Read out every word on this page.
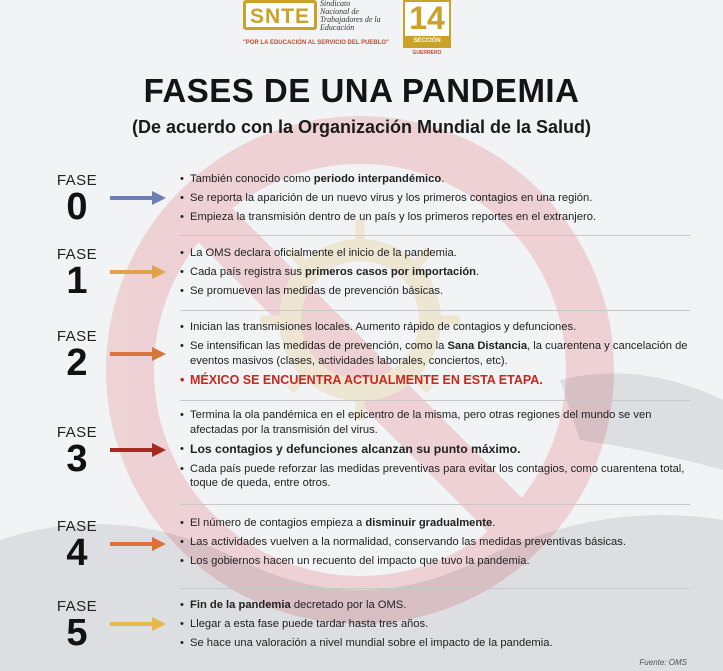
SNTE
Sindicato
Nacional de
Trabajadores de la
Educación
"POR LA EDUCACIÓN AL SERVICIO DEL PUEBLO"
14
SECCIÓN
GUERRERO
FASES DE UNA PANDEMIA
(De acuerdo con la Organización Mundial de la Salud)
FASE
0
• También conocido como periodo interpandémico.
• Se reporta la aparición de un nuevo virus y los primeros contagios en una región.
• Empieza la transmisión dentro de un país y los primeros reportes en el extranjero.
FASE
1
• La OMS declara oficialmente el inicio de la pandemia.
• Cada país registra sus primeros casos por importación.
• Se promueven las medidas de prevención básicas.
FASE
2
• Inician las transmisiones locales. Aumento rápido de contagios y defunciones.
• Se intensifican las medidas de prevención, como la Sana Distancia, la cuarentena y cancelación de eventos masivos (clases, actividades laborales, conciertos, etc).
• MÉXICO SE ENCUENTRA ACTUALMENTE EN ESTA ETAPA.
FASE
3
• Termina la ola pandémica en el epicentro de la misma, pero otras regiones del mundo se ven afectadas por la transmisión del virus.
• Los contagios y defunciones alcanzan su punto máximo.
• Cada país puede reforzar las medidas preventivas para evitar los contagios, como cuarentena total, toque de queda, entre otros.
FASE
4
• El número de contagios empieza a disminuir gradualmente.
• Las actividades vuelven a la normalidad, conservando las medidas preventivas básicas.
• Los gobiernos hacen un recuento del impacto que tuvo la pandemia.
FASE
5
• Fin de la pandemia decretado por la OMS.
• Llegar a esta fase puede tardar hasta tres años.
• Se hace una valoración a nivel mundial sobre el impacto de la pandemia.
Fuente: OMS
